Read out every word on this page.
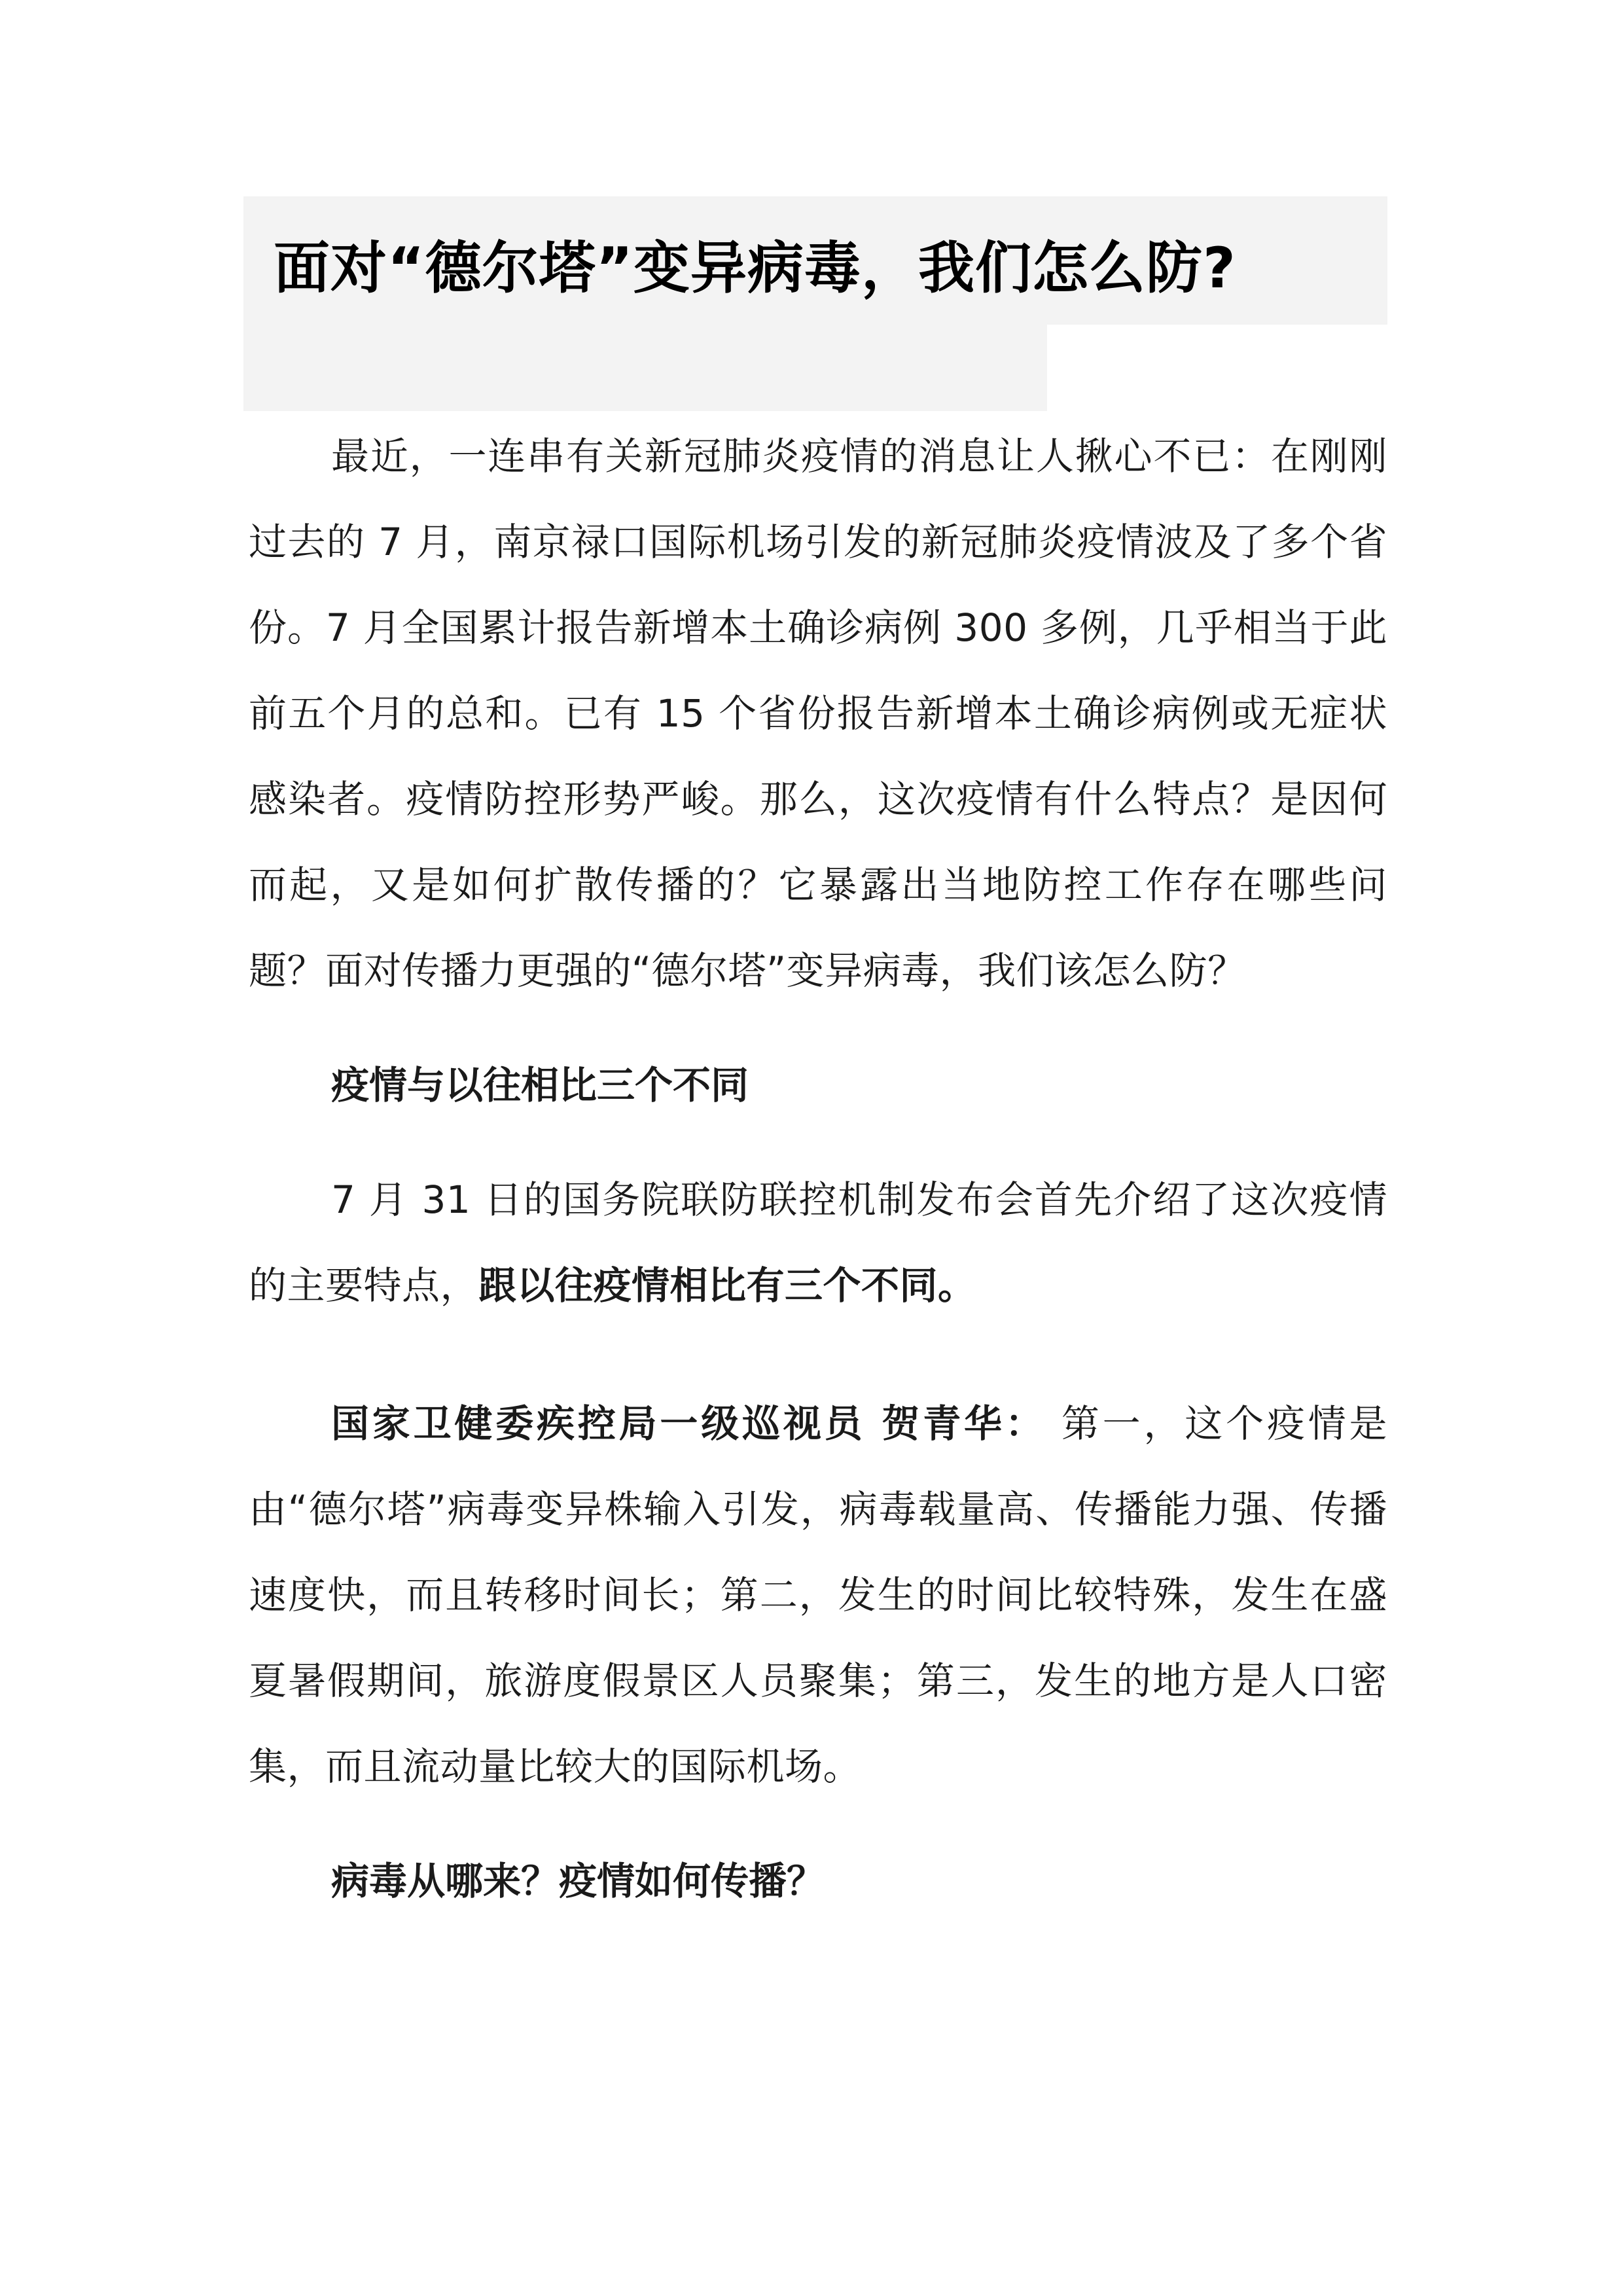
面对“德尔塔”变异病毒，我们怎么防?

最近，一连串有关新冠肺炎疫情的消息让人揪心不已：在刚刚过去的 7 月，南京禄口国际机场引发的新冠肺炎疫情波及了多个省份。7 月全国累计报告新增本土确诊病例 300 多例，几乎相当于此前五个月的总和。已有 15 个省份报告新增本土确诊病例或无症状感染者。疫情防控形势严峻。那么，这次疫情有什么特点？是因何而起，又是如何扩散传播的？它暴露出当地防控工作存在哪些问题？面对传播力更强的“德尔塔”变异病毒，我们该怎么防？

疫情与以往相比三个不同

7 月 31 日的国务院联防联控机制发布会首先介绍了这次疫情的主要特点，跟以往疫情相比有三个不同。

国家卫健委疾控局一级巡视员 贺青华： 第一，这个疫情是由“德尔塔”病毒变异株输入引发，病毒载量高、传播能力强、传播速度快，而且转移时间长；第二，发生的时间比较特殊，发生在盛夏暑假期间，旅游度假景区人员聚集；第三，发生的地方是人口密集，而且流动量比较大的国际机场。

病毒从哪来？疫情如何传播？
